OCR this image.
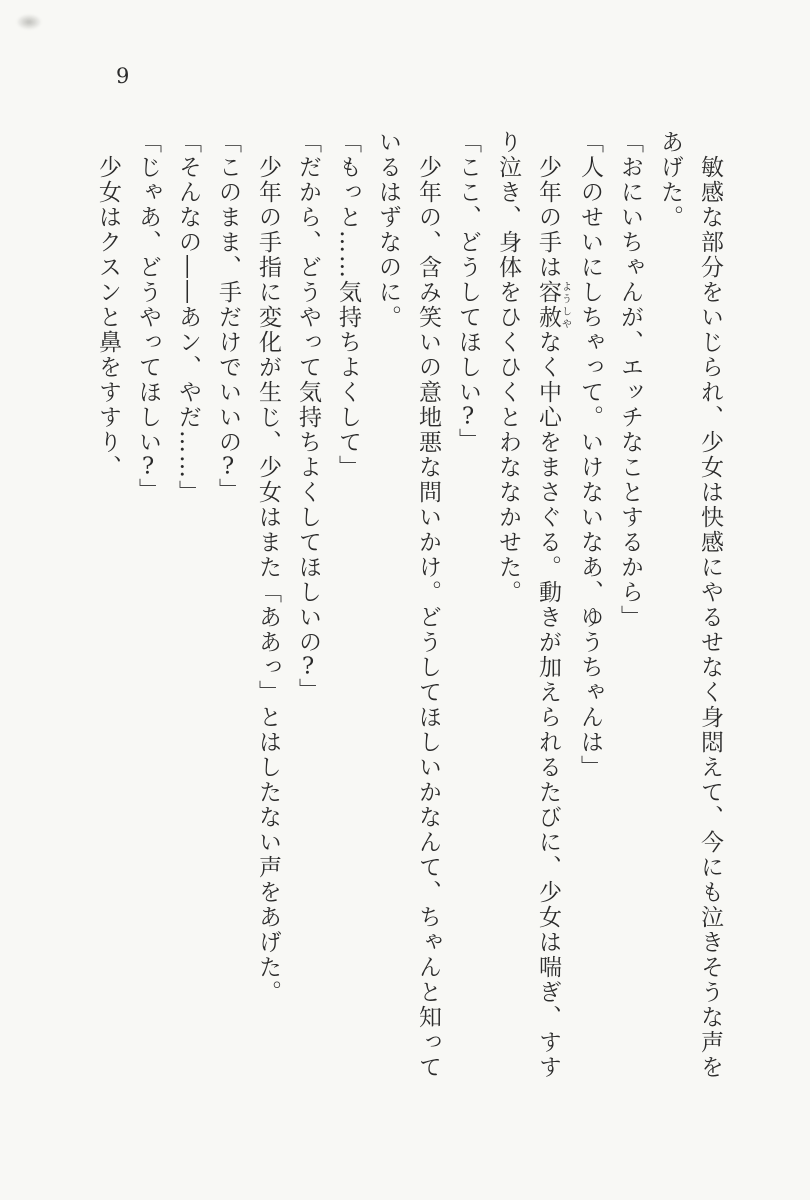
9
敏感な部分をいじられ、少女は快感にやるせなく身悶えて、今にも泣きそうな声を
あげた。
「おにいちゃんが、エッチなことするから」
「人のせいにしちゃって。いけないなあ、ゆうちゃんは」
少年の手は容赦ようしやなく中心をまさぐる。動きが加えられるたびに、少女は喘ぎ、すす
り泣き、身体をひくひくとわななかせた。
「ここ、どうしてほしい?」
少年の、含み笑いの意地悪な問いかけ。どうしてほしいかなんて、ちゃんと知って
いるはずなのに。
「もっと……気持ちよくして」
「だから、どうやって気持ちよくしてほしいの?」
少年の手指に変化が生じ、少女はまた「ああっ」とはしたない声をあげた。
「このまま、手だけでいいの?」
「そんなの――あン、やだ……」
「じゃあ、どうやってほしい?」
少女はクスンと鼻をすすり、
